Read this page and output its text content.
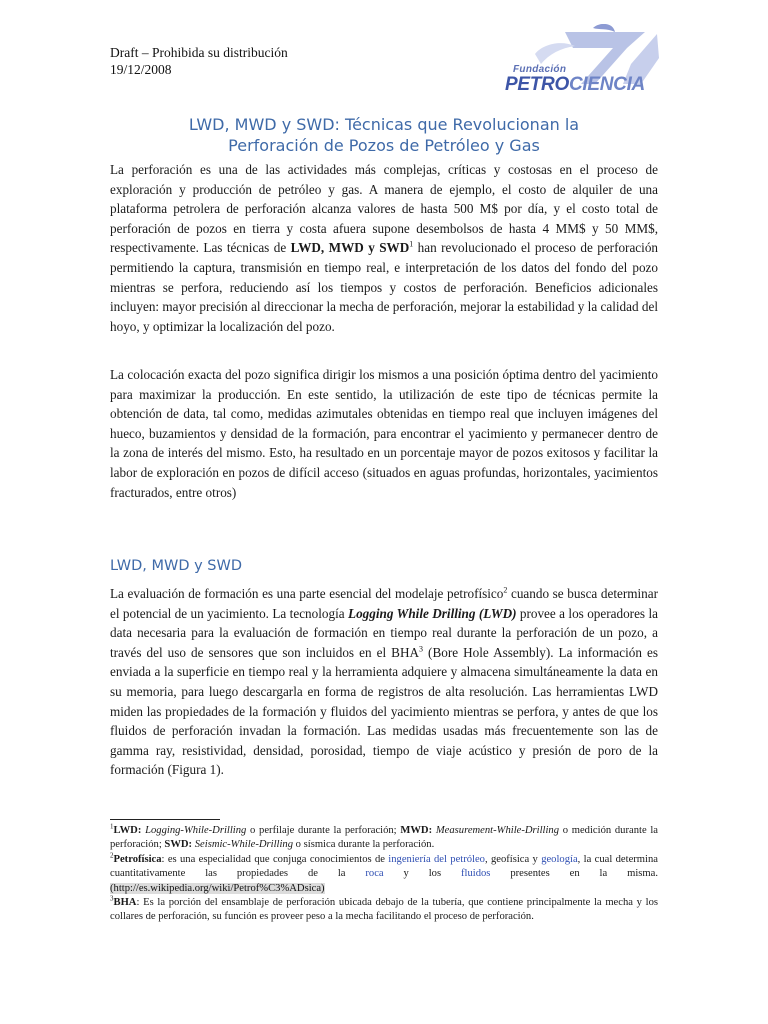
Draft – Prohibida su distribución
19/12/2008	Fundación
PETROCIENCIA
LWD, MWD y SWD: Técnicas que Revolucionan la
Perforación de Pozos de Petróleo y Gas
La perforación es una de las actividades más complejas, críticas y costosas en el proceso de exploración y producción de petróleo y gas. A manera de ejemplo, el costo de alquiler de una plataforma petrolera de perforación alcanza valores de hasta 500 M$ por día, y el costo total de perforación de pozos en tierra y costa afuera supone desembolsos de hasta 4 MM$ y 50 MM$, respectivamente. Las técnicas de LWD, MWD y SWD$^1$ han revolucionado el proceso de perforación permitiendo la captura, transmisión en tiempo real, e interpretación de los datos del fondo del pozo mientras se perfora, reduciendo así los tiempos y costos de perforación. Beneficios adicionales incluyen: mayor precisión al direccionar la mecha de perforación, mejorar la estabilidad y la calidad del hoyo, y optimizar la localización del pozo.
La colocación exacta del pozo significa dirigir los mismos a una posición óptima dentro del yacimiento para maximizar la producción. En este sentido, la utilización de este tipo de técnicas permite la obtención de data, tal como, medidas azimutales obtenidas en tiempo real que incluyen imágenes del hueco, buzamientos y densidad de la formación, para encontrar el yacimiento y permanecer dentro de la zona de interés del mismo. Esto, ha resultado en un porcentaje mayor de pozos exitosos y facilitar la labor de exploración en pozos de difícil acceso (situados en aguas profundas, horizontales, yacimientos fracturados, entre otros)
LWD, MWD y SWD
La evaluación de formación es una parte esencial del modelaje petrofísico$^2$ cuando se busca determinar el potencial de un yacimiento. La tecnología Logging While Drilling (LWD) provee a los operadores la data necesaria para la evaluación de formación en tiempo real durante la perforación de un pozo, a través del uso de sensores que son incluidos en el BHA$^3$ (Bore Hole Assembly). La información es enviada a la superficie en tiempo real y la herramienta adquiere y almacena simultáneamente la data en su memoria, para luego descargarla en forma de registros de alta resolución. Las herramientas LWD miden las propiedades de la formación y fluidos del yacimiento mientras se perfora, y antes de que los fluidos de perforación invadan la formación. Las medidas usadas más frecuentemente son las de gamma ray, resistividad, densidad, porosidad, tiempo de viaje acústico y presión de poro de la formación (Figura 1).

$^1$LWD: Logging-While-Drilling o perfilaje durante la perforación; MWD: Measurement-While-Drilling o medición durante la perforación; SWD: Seismic-While-Drilling o sísmica durante la perforación.

$^2$Petrofísica: es una especialidad que conjuga conocimientos de ingeniería del petróleo, geofísica y geología, la cual determina cuantitativamente las propiedades de la roca y los fluidos presentes en la misma. (http://es.wikipedia.org/wiki/Petrof%C3%ADsica)

$^3$BHA: Es la porción del ensamblaje de perforación ubicada debajo de la tubería, que contiene principalmente la mecha y los collares de perforación, su función es proveer peso a la mecha facilitando el proceso de perforación.
